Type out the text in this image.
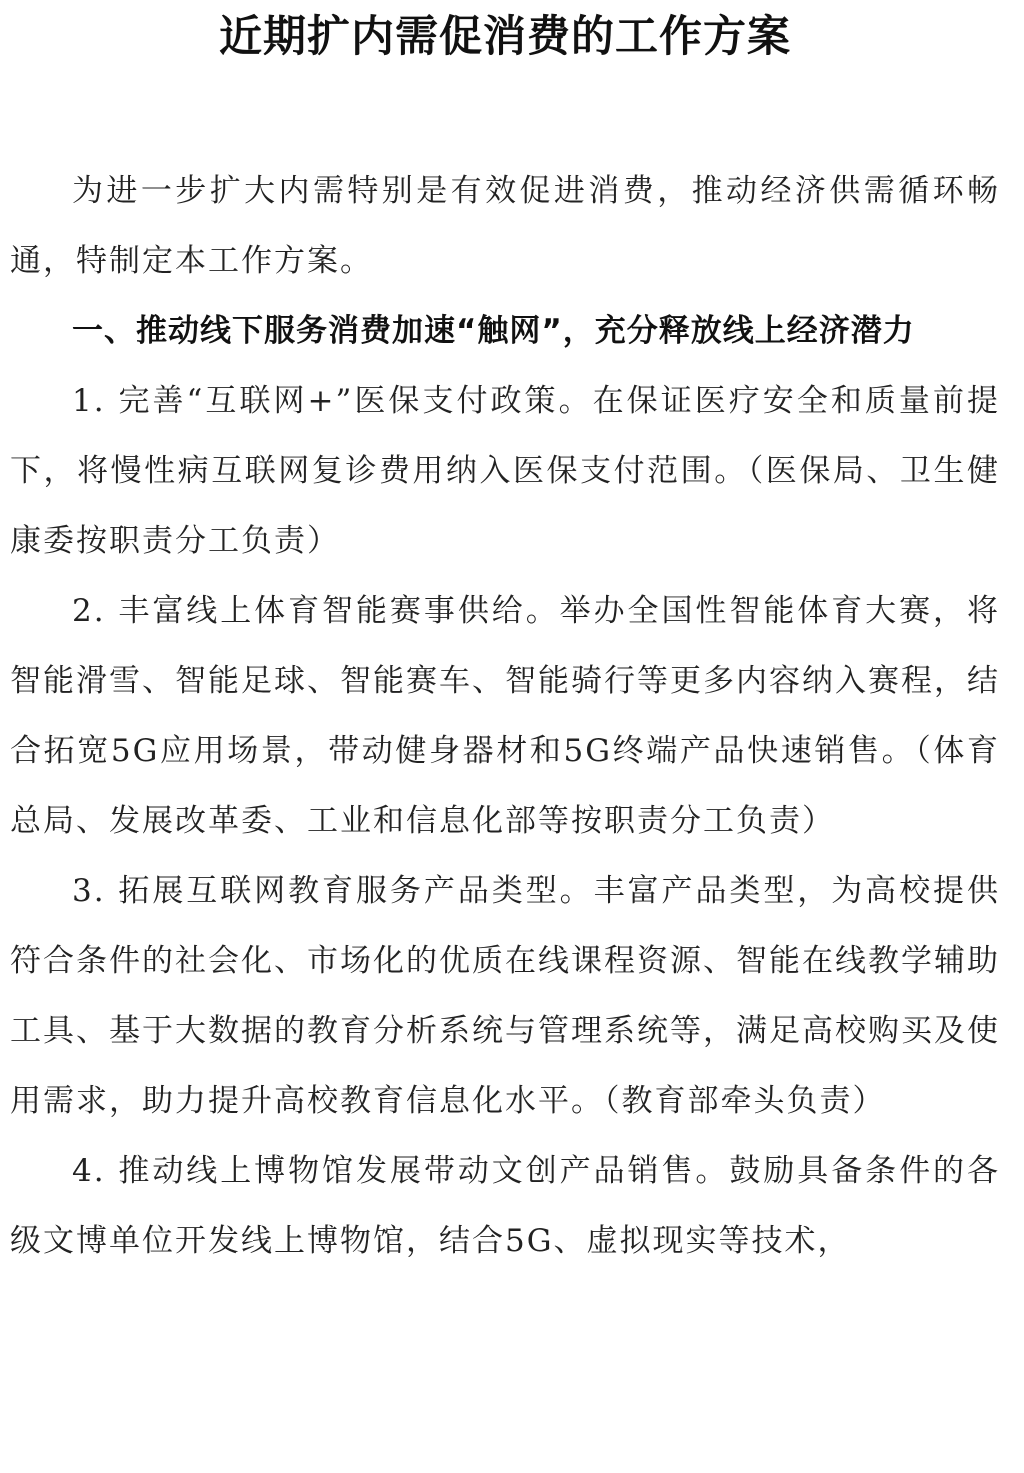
近期扩内需促消费的工作方案

为进一步扩大内需特别是有效促进消费，推动经济供需循环畅通，特制定本工作方案。

一、推动线下服务消费加速“触网”，充分释放线上经济潜力

1. 完善“互联网+”医保支付政策。在保证医疗安全和质量前提下，将慢性病互联网复诊费用纳入医保支付范围。（医保局、卫生健康委按职责分工负责）

2. 丰富线上体育智能赛事供给。举办全国性智能体育大赛，将智能滑雪、智能足球、智能赛车、智能骑行等更多内容纳入赛程，结合拓宽5G应用场景，带动健身器材和5G终端产品快速销售。（体育总局、发展改革委、工业和信息化部等按职责分工负责）

3. 拓展互联网教育服务产品类型。丰富产品类型，为高校提供符合条件的社会化、市场化的优质在线课程资源、智能在线教学辅助工具、基于大数据的教育分析系统与管理系统等，满足高校购买及使用需求，助力提升高校教育信息化水平。（教育部牵头负责）

4. 推动线上博物馆发展带动文创产品销售。鼓励具备条件的各级文博单位开发线上博物馆，结合5G、虚拟现实等技术，
